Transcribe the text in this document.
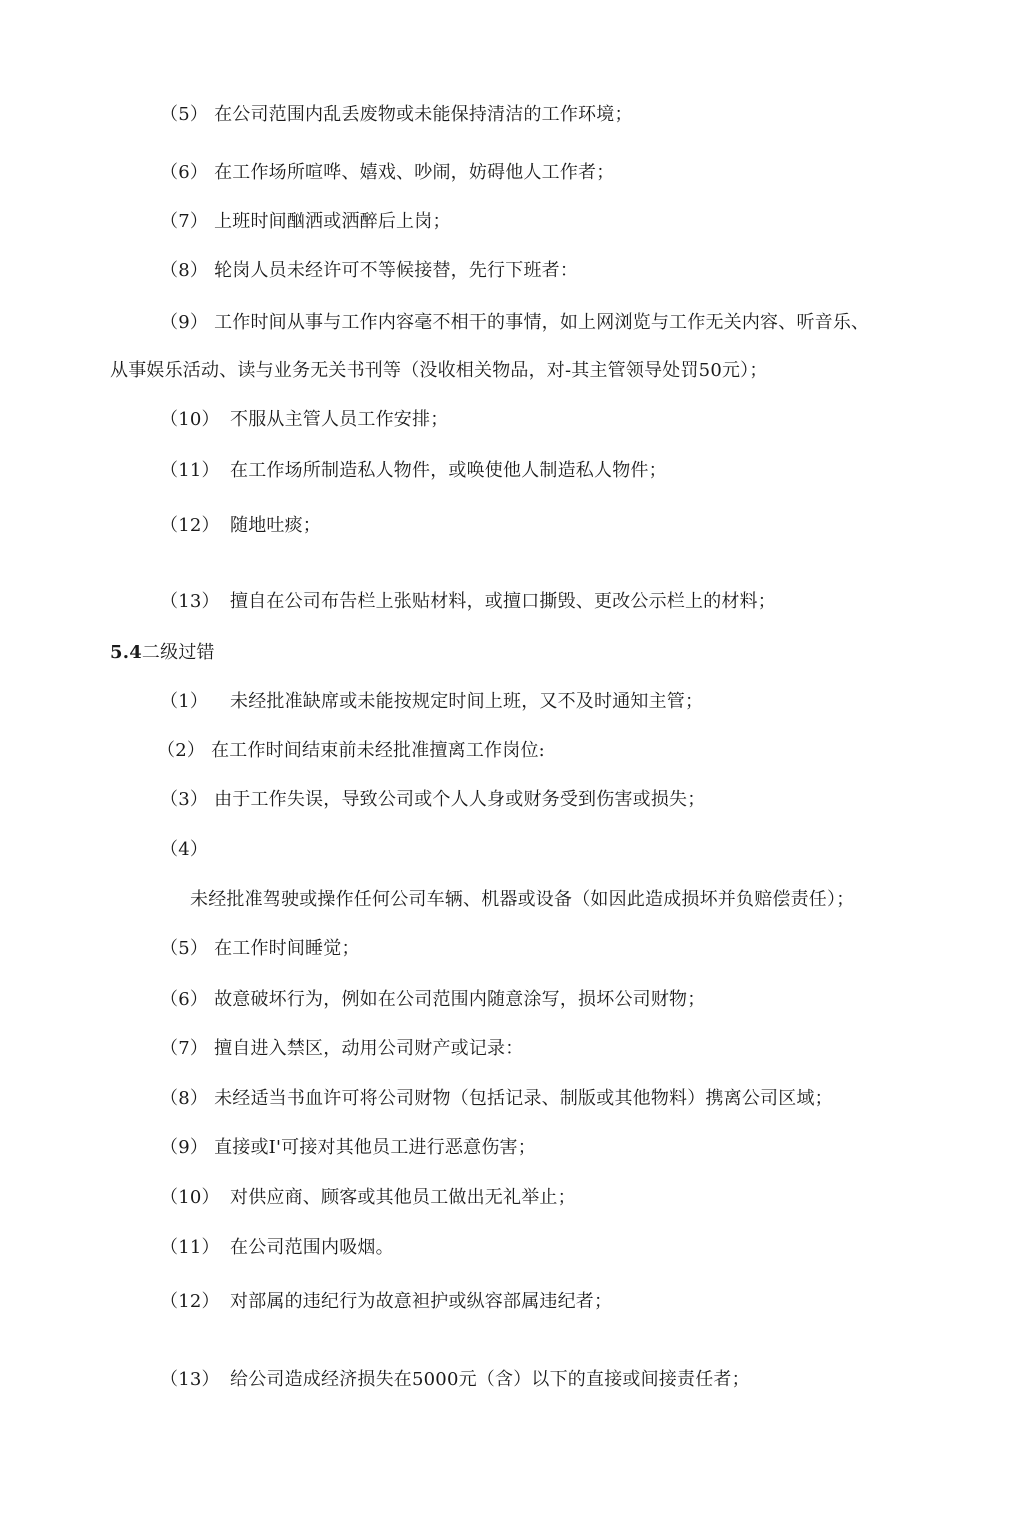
（5） 在公司范围内乱丢废物或未能保持清洁的工作环境；
（6） 在工作场所喧哗、嬉戏、吵闹，妨碍他人工作者；
（7） 上班时间酗洒或洒醉后上岗；
（8） 轮岗人员未经许可不等候接替，先行下班者：
（9） 工作时间从事与工作内容毫不相干的事情，如上网浏览与工作无关内容、听音乐、
从事娱乐活动、读与业务无关书刊等（没收相关物品，对-其主管领导处罚50元）；
（10） 不服从主管人员工作安排；
（11） 在工作场所制造私人物件，或唤使他人制造私人物件；
（12） 随地吐痰；
（13） 擅自在公司布告栏上张贴材料，或擅口撕毁、更改公示栏上的材料；
5.4二级过错
（1） 未经批准缺席或未能按规定时间上班，又不及时通知主管；
（2） 在工作时间结束前未经批准擅离工作岗位:
（3） 由于工作失误，导致公司或个人人身或财务受到伤害或损失；
（4）
未经批准驾驶或操作任何公司车辆、机器或设备（如因此造成损坏并负赔偿责任）；
（5） 在工作时间睡觉；
（6） 故意破坏行为，例如在公司范围内随意涂写，损坏公司财物；
（7） 擅自进入禁区，动用公司财产或记录：
（8） 未经适当书血许可将公司财物（包括记录、制版或其他物料）携离公司区域；
（9） 直接或I'可接对其他员工进行恶意伤害；
（10） 对供应商、顾客或其他员工做出无礼举止；
（11） 在公司范围内吸烟。
（12） 对部属的违纪行为故意袒护或纵容部属违纪者；
（13） 给公司造成经济损失在5000元（含）以下的直接或间接责任者；
